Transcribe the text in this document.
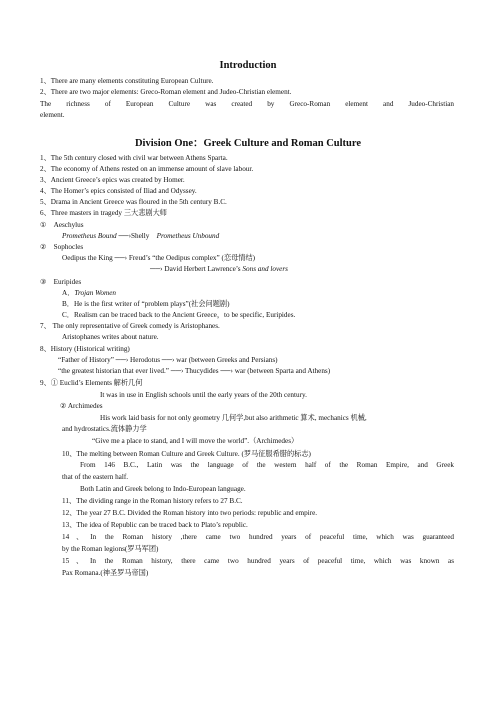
Introduction
1、There are many elements constituting European Culture.
2、There are two major elements: Greco-Roman element and Judeo-Christian element.
The richness of European Culture was created by Greco-Roman element and Judeo-Christian
element.
Division One：Greek Culture and Roman Culture
1、The 5th century closed with civil war between Athens Sparta.
2、The economy of Athens rested on an immense amount of slave labour.
3、Ancient Greece’s epics was created by Homer.
4、The Homer’s epics consisted of Iliad and Odyssey.
5、Drama in Ancient Greece was floured in the 5th century B.C.
6、Three masters in tragedy 三大悲剧大师
①　Aeschylus
Prometheus Bound ──›Shelly　Prometheus Unbound
②　Sophocles
Oedipus the King ──› Freud’s “the Oedipus complex” (恋母情结)
──› David Herbert Lawrence’s Sons and lovers
③　Euripides
A．Trojan Women
B．He is the first writer of “problem plays”(社会问题剧)
C．Realism can be traced back to the Ancient Greece，to be specific, Euripides.
7、 The only representative of Greek comedy is Aristophanes.
Aristophanes writes about nature.
8、History (Historical writing)
“Father of History” ──› Herodotus ──› war (between Greeks and Persians)
“the greatest historian that ever lived.” ──› Thucydides ──› war (between Sparta and Athens)
9、① Euclid’s Elements 解析几何
It was in use in English schools until the early years of the 20th century.
② Archimedes
His work laid basis for not only geometry 几何学,but also arithmetic 算术, mechanics 机械,
and hydrostatics.流体静力学
“Give me a place to stand, and I will move the world”.（Archimedes）
10、The melting between Roman Culture and Greek Culture. (罗马征服希腊的标志)
From 146 B.C., Latin was the language of the western half of the Roman Empire, and Greek
that of the eastern half.
Both Latin and Greek belong to Indo-European language.
11、The dividing range in the Roman history refers to 27 B.C.
12、The year 27 B.C. Divided the Roman history into two periods: republic and empire.
13、The idea of Republic can be traced back to Plato’s republic.
14、In the Roman history ,there came two hundred years of peaceful time, which was guaranteed
by the Roman legions(罗马军团)
15、In the Roman history, there came two hundred years of peaceful time, which was known as
Pax Romana.(神圣罗马帝国)
